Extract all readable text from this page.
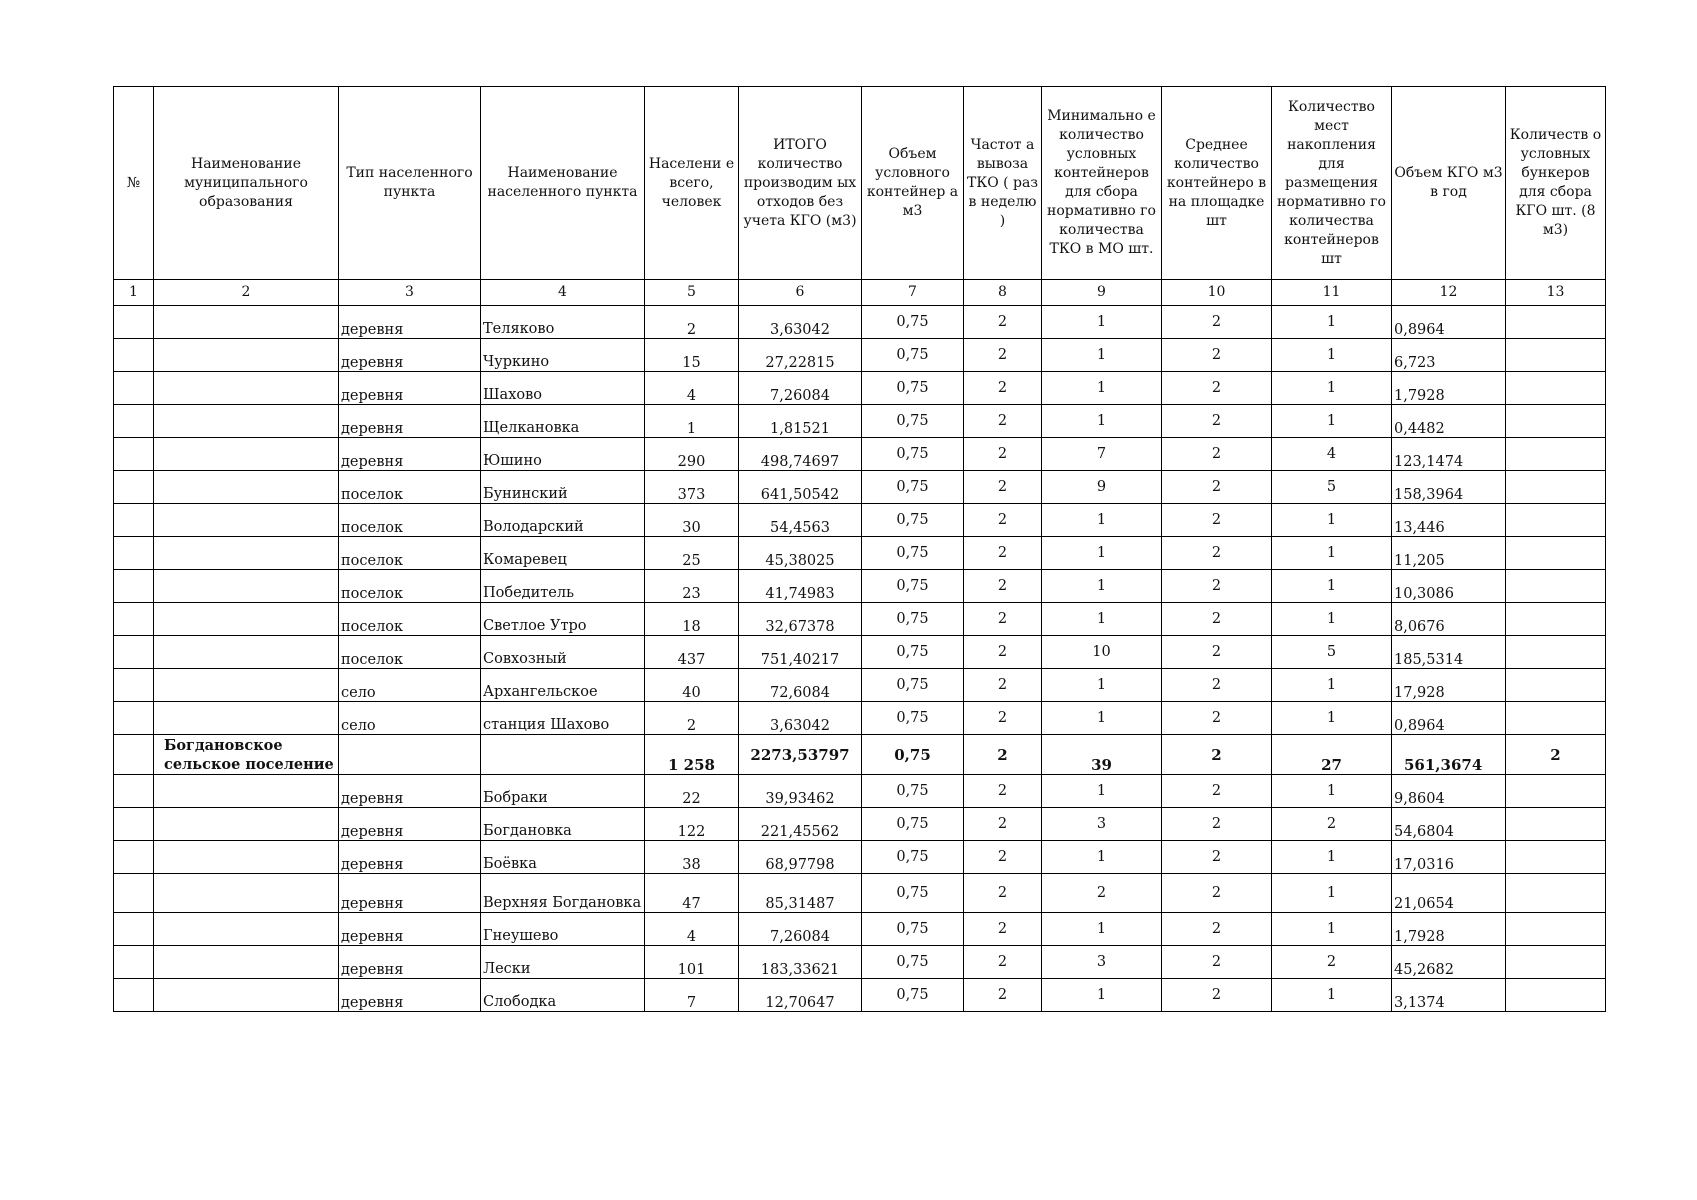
№	Наименование муниципального образования	Тип населенного пункта	Наименование населенного пункта	Населени е всего, человек	ИТОГО количество производим ых отходов без учета КГО (м3)	Объем условного контейнер а м3	Частот а вывоза ТКО ( раз в неделю )	Минимально е количество условных контейнеров для сбора нормативно го количества ТКО в МО шт.	Среднее количество контейнеро в на площадке шт	Количество мест накопления для размещения нормативно го количества контейнеров шт	Объем КГО м3 в год	Количеств о условных бункеров для сбора КГО шт. (8 м3)
1	2	3	4	5	6	7	8	9	10	11	12	13
		деревня	Теляково	2	3,63042	0,75	2	1	2	1	0,8964	
		деревня	Чуркино	15	27,22815	0,75	2	1	2	1	6,723	
		деревня	Шахово	4	7,26084	0,75	2	1	2	1	1,7928	
		деревня	Щелкановка	1	1,81521	0,75	2	1	2	1	0,4482	
		деревня	Юшино	290	498,74697	0,75	2	7	2	4	123,1474	
		поселок	Бунинский	373	641,50542	0,75	2	9	2	5	158,3964	
		поселок	Володарский	30	54,4563	0,75	2	1	2	1	13,446	
		поселок	Комаревец	25	45,38025	0,75	2	1	2	1	11,205	
		поселок	Победитель	23	41,74983	0,75	2	1	2	1	10,3086	
		поселок	Светлое Утро	18	32,67378	0,75	2	1	2	1	8,0676	
		поселок	Совхозный	437	751,40217	0,75	2	10	2	5	185,5314	
		село	Архангельское	40	72,6084	0,75	2	1	2	1	17,928	
		село	станция Шахово	2	3,63042	0,75	2	1	2	1	0,8964	
	Богдановское сельское поселение			1 258	2273,53797	0,75	2	39	2	27	561,3674	2
		деревня	Бобраки	22	39,93462	0,75	2	1	2	1	9,8604	
		деревня	Богдановка	122	221,45562	0,75	2	3	2	2	54,6804	
		деревня	Боёвка	38	68,97798	0,75	2	1	2	1	17,0316	
		деревня	Верхняя Богдановка	47	85,31487	0,75	2	2	2	1	21,0654	
		деревня	Гнеушево	4	7,26084	0,75	2	1	2	1	1,7928	
		деревня	Лески	101	183,33621	0,75	2	3	2	2	45,2682	
		деревня	Слободка	7	12,70647	0,75	2	1	2	1	3,1374	
